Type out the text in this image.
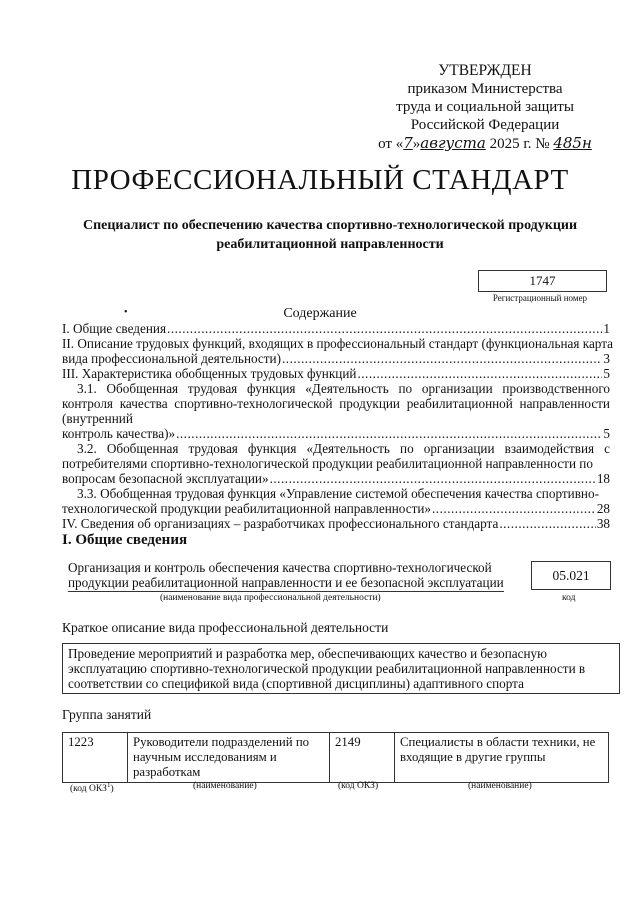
УТВЕРЖДЕН
приказом Министерства
труда и социальной защиты
Российской Федерации
от «7»августа 2025 г. № 485н
ПРОФЕССИОНАЛЬНЫЙ СТАНДАРТ
Специалист по обеспечению качества спортивно-технологической продукции реабилитационной направленности
1747
Регистрационный номер
•	Содержание
I. Общие сведения .....	1
II. Описание трудовых функций, входящих в профессиональный стандарт (функциональная карта
вида профессиональной деятельности) .....	3
III. Характеристика обобщенных трудовых функций .....	5
3.1. Обобщенная трудовая функция «Деятельность по организации производственного контроля качества спортивно-технологической продукции реабилитационной направленности (внутренний
контроль качества)» .....	5
3.2. Обобщенная трудовая функция «Деятельность по организации взаимодействия с потребителями спортивно-технологической продукции реабилитационной направленности по
вопросам безопасной эксплуатации» .....	18
3.3. Обобщенная трудовая функция «Управление системой обеспечения качества спортивно-
технологической продукции реабилитационной направленности» .....	28
IV. Сведения об организациях – разработчиках профессионального стандарта .....	38
I. Общие сведения
Организация и контроль обеспечения качества спортивно-технологической продукции реабилитационной направленности и ее безопасной эксплуатации
(наименование вида профессиональной деятельности)
05.021
код
Краткое описание вида профессиональной деятельности
Проведение мероприятий и разработка мер, обеспечивающих качество и безопасную эксплуатацию спортивно-технологической продукции реабилитационной направленности в соответствии со спецификой вида (спортивной дисциплины) адаптивного спорта
Группа занятий
1223	Руководители подразделений по научным исследованиям и разработкам	2149	Специалисты в области техники, не входящие в другие группы
(код ОКЗ$^1$)	(наименование)	(код ОКЗ)	(наименование)
